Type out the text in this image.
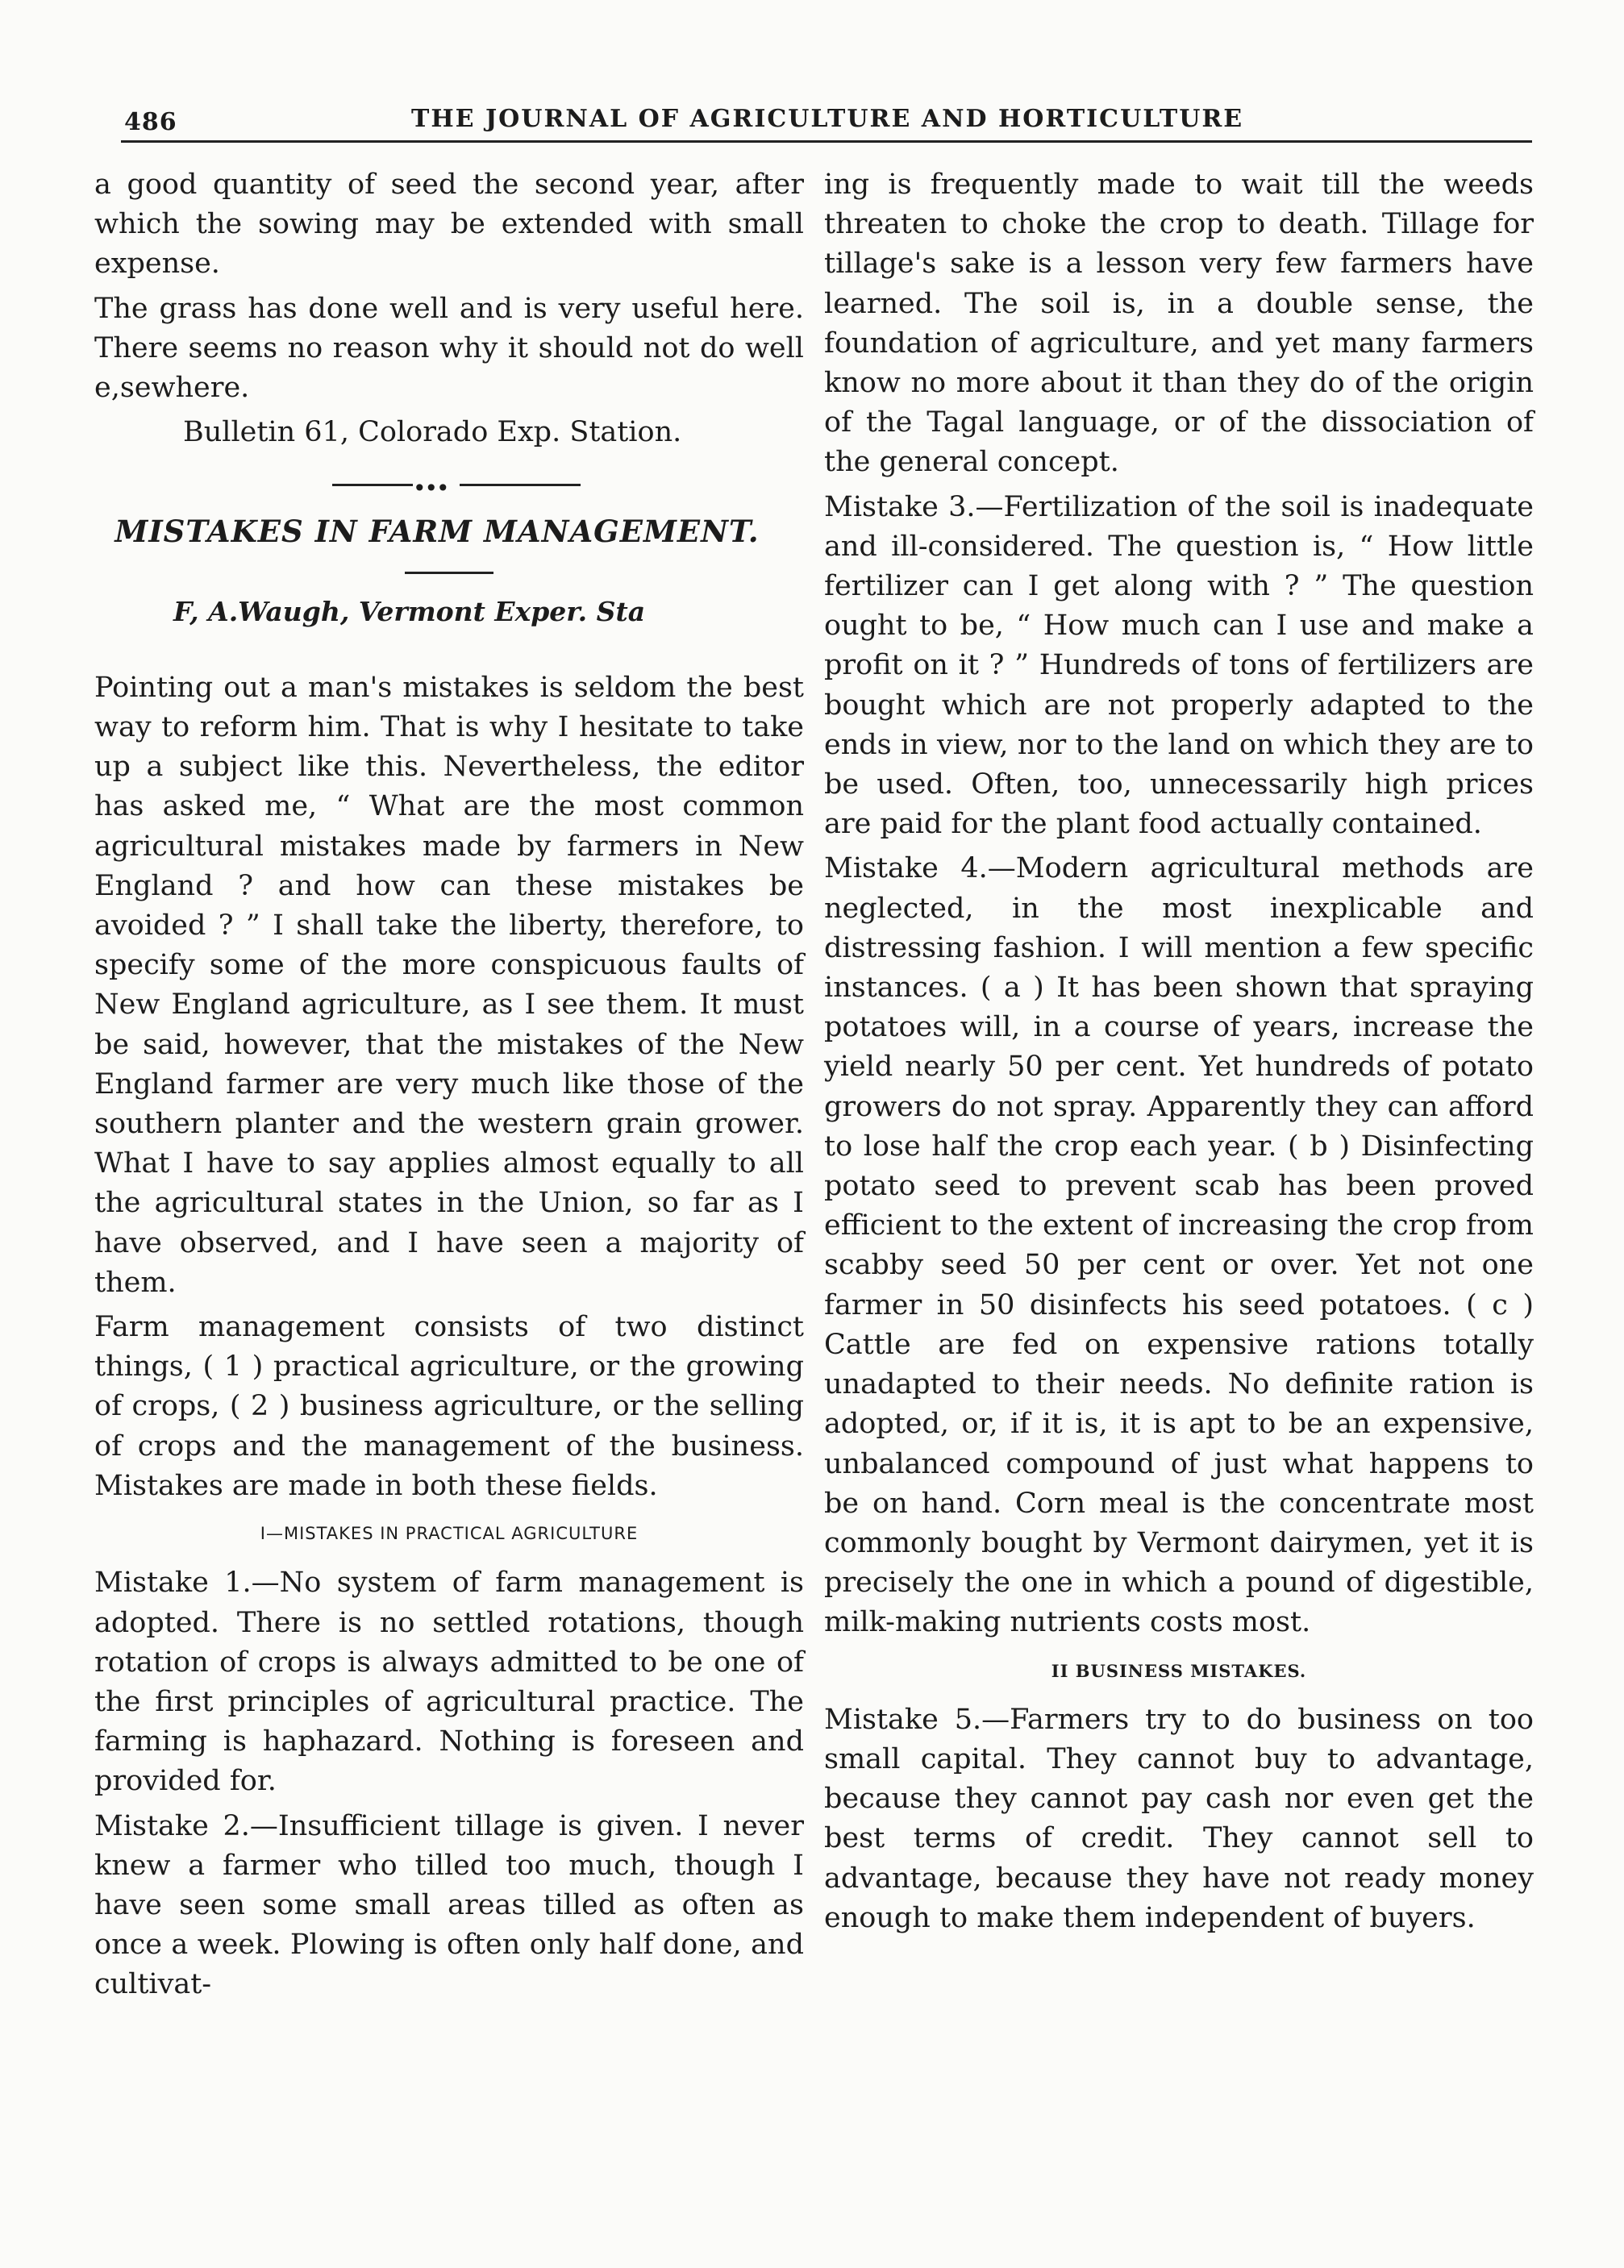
486	THE JOURNAL OF AGRICULTURE AND HORTICULTURE

a good quantity of seed the second year, after which the sowing may be extended with small expense.

The grass has done well and is very useful here. There seems no reason why it should not do well e,sewhere.

Bulletin 61, Colorado Exp. Station.

•••

MISTAKES IN FARM MANAGEMENT.

F, A.Waugh, Vermont Exper. Sta

Pointing out a man's mistakes is seldom the best way to reform him. That is why I hesitate to take up a subject like this. Nevertheless, the editor has asked me, “ What are the most common agricultural mistakes made by farmers in New England ? and how can these mistakes be avoided ? ” I shall take the liberty, therefore, to specify some of the more conspicuous faults of New England agriculture, as I see them. It must be said, however, that the mistakes of the New England farmer are very much like those of the southern planter and the western grain grower. What I have to say applies almost equally to all the agricultural states in the Union, so far as I have observed, and I have seen a majority of them.

Farm management consists of two distinct things, ( 1 ) practical agriculture, or the growing of crops, ( 2 ) business agriculture, or the selling of crops and the management of the business. Mistakes are made in both these fields.

I—MISTAKES IN PRACTICAL AGRICULTURE

Mistake 1.—No system of farm management is adopted. There is no settled rotations, though rotation of crops is always admitted to be one of the first principles of agricultural practice. The farming is haphazard. Nothing is foreseen and provided for.

Mistake 2.—Insufficient tillage is given. I never knew a farmer who tilled too much, though I have seen some small areas tilled as often as once a week. Plowing is often only half done, and cultivat-

ing is frequently made to wait till the weeds threaten to choke the crop to death. Tillage for tillage's sake is a lesson very few farmers have learned. The soil is, in a double sense, the foundation of agriculture, and yet many farmers know no more about it than they do of the origin of the Tagal language, or of the dissociation of the general concept.

Mistake 3.—Fertilization of the soil is inadequate and ill-considered. The question is, “ How little fertilizer can I get along with ? ” The question ought to be, “ How much can I use and make a profit on it ? ” Hundreds of tons of fertilizers are bought which are not properly adapted to the ends in view, nor to the land on which they are to be used. Often, too, unnecessarily high prices are paid for the plant food actually contained.

Mistake 4.—Modern agricultural methods are neglected, in the most inexplicable and distressing fashion. I will mention a few specific instances. ( a ) It has been shown that spraying potatoes will, in a course of years, increase the yield nearly 50 per cent. Yet hundreds of potato growers do not spray. Apparently they can afford to lose half the crop each year. ( b ) Disinfecting potato seed to prevent scab has been proved efficient to the extent of increasing the crop from scabby seed 50 per cent or over. Yet not one farmer in 50 disinfects his seed potatoes. ( c ) Cattle are fed on expensive rations totally unadapted to their needs. No definite ration is adopted, or, if it is, it is apt to be an expensive, unbalanced compound of just what happens to be on hand. Corn meal is the concentrate most commonly bought by Vermont dairymen, yet it is precisely the one in which a pound of digestible, milk-making nutrients costs most.

II BUSINESS MISTAKES.

Mistake 5.—Farmers try to do business on too small capital. They cannot buy to advantage, because they cannot pay cash nor even get the best terms of credit. They cannot sell to advantage, because they have not ready money enough to make them independent of buyers.
